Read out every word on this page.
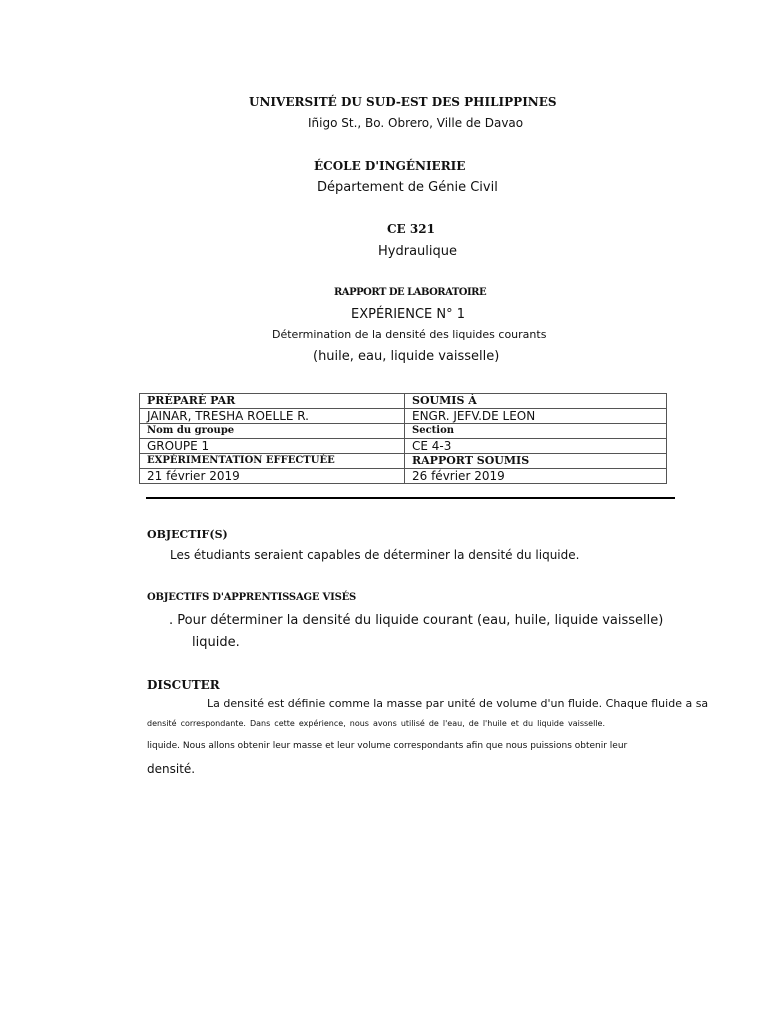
UNIVERSITÉ DU SUD-EST DES PHILIPPINES
Iñigo St., Bo. Obrero, Ville de Davao
ÉCOLE D'INGÉNIERIE
Département de Génie Civil
CE 321
Hydraulique
RAPPORT DE LABORATOIRE
EXPÉRIENCE N° 1
Détermination de la densité des liquides courants
(huile, eau, liquide vaisselle)
PRÉPARÉ PAR	SOUMIS À
JAINAR, TRESHA ROELLE R.	ENGR. JEFV.DE LEON
Nom du groupe	Section
GROUPE 1	CE 4-3
EXPÉRIMENTATION EFFECTUÉE	RAPPORT SOUMIS
21 février 2019	26 février 2019
OBJECTIF(S)
Les étudiants seraient capables de déterminer la densité du liquide.
OBJECTIFS D'APPRENTISSAGE VISÉS
. Pour déterminer la densité du liquide courant (eau, huile, liquide vaisselle)
liquide.
DISCUTER
La densité est définie comme la masse par unité de volume d'un fluide. Chaque fluide a sa
densité correspondante. Dans cette expérience, nous avons utilisé de l'eau, de l'huile et du liquide vaisselle.
liquide. Nous allons obtenir leur masse et leur volume correspondants afin que nous puissions obtenir leur
densité.
